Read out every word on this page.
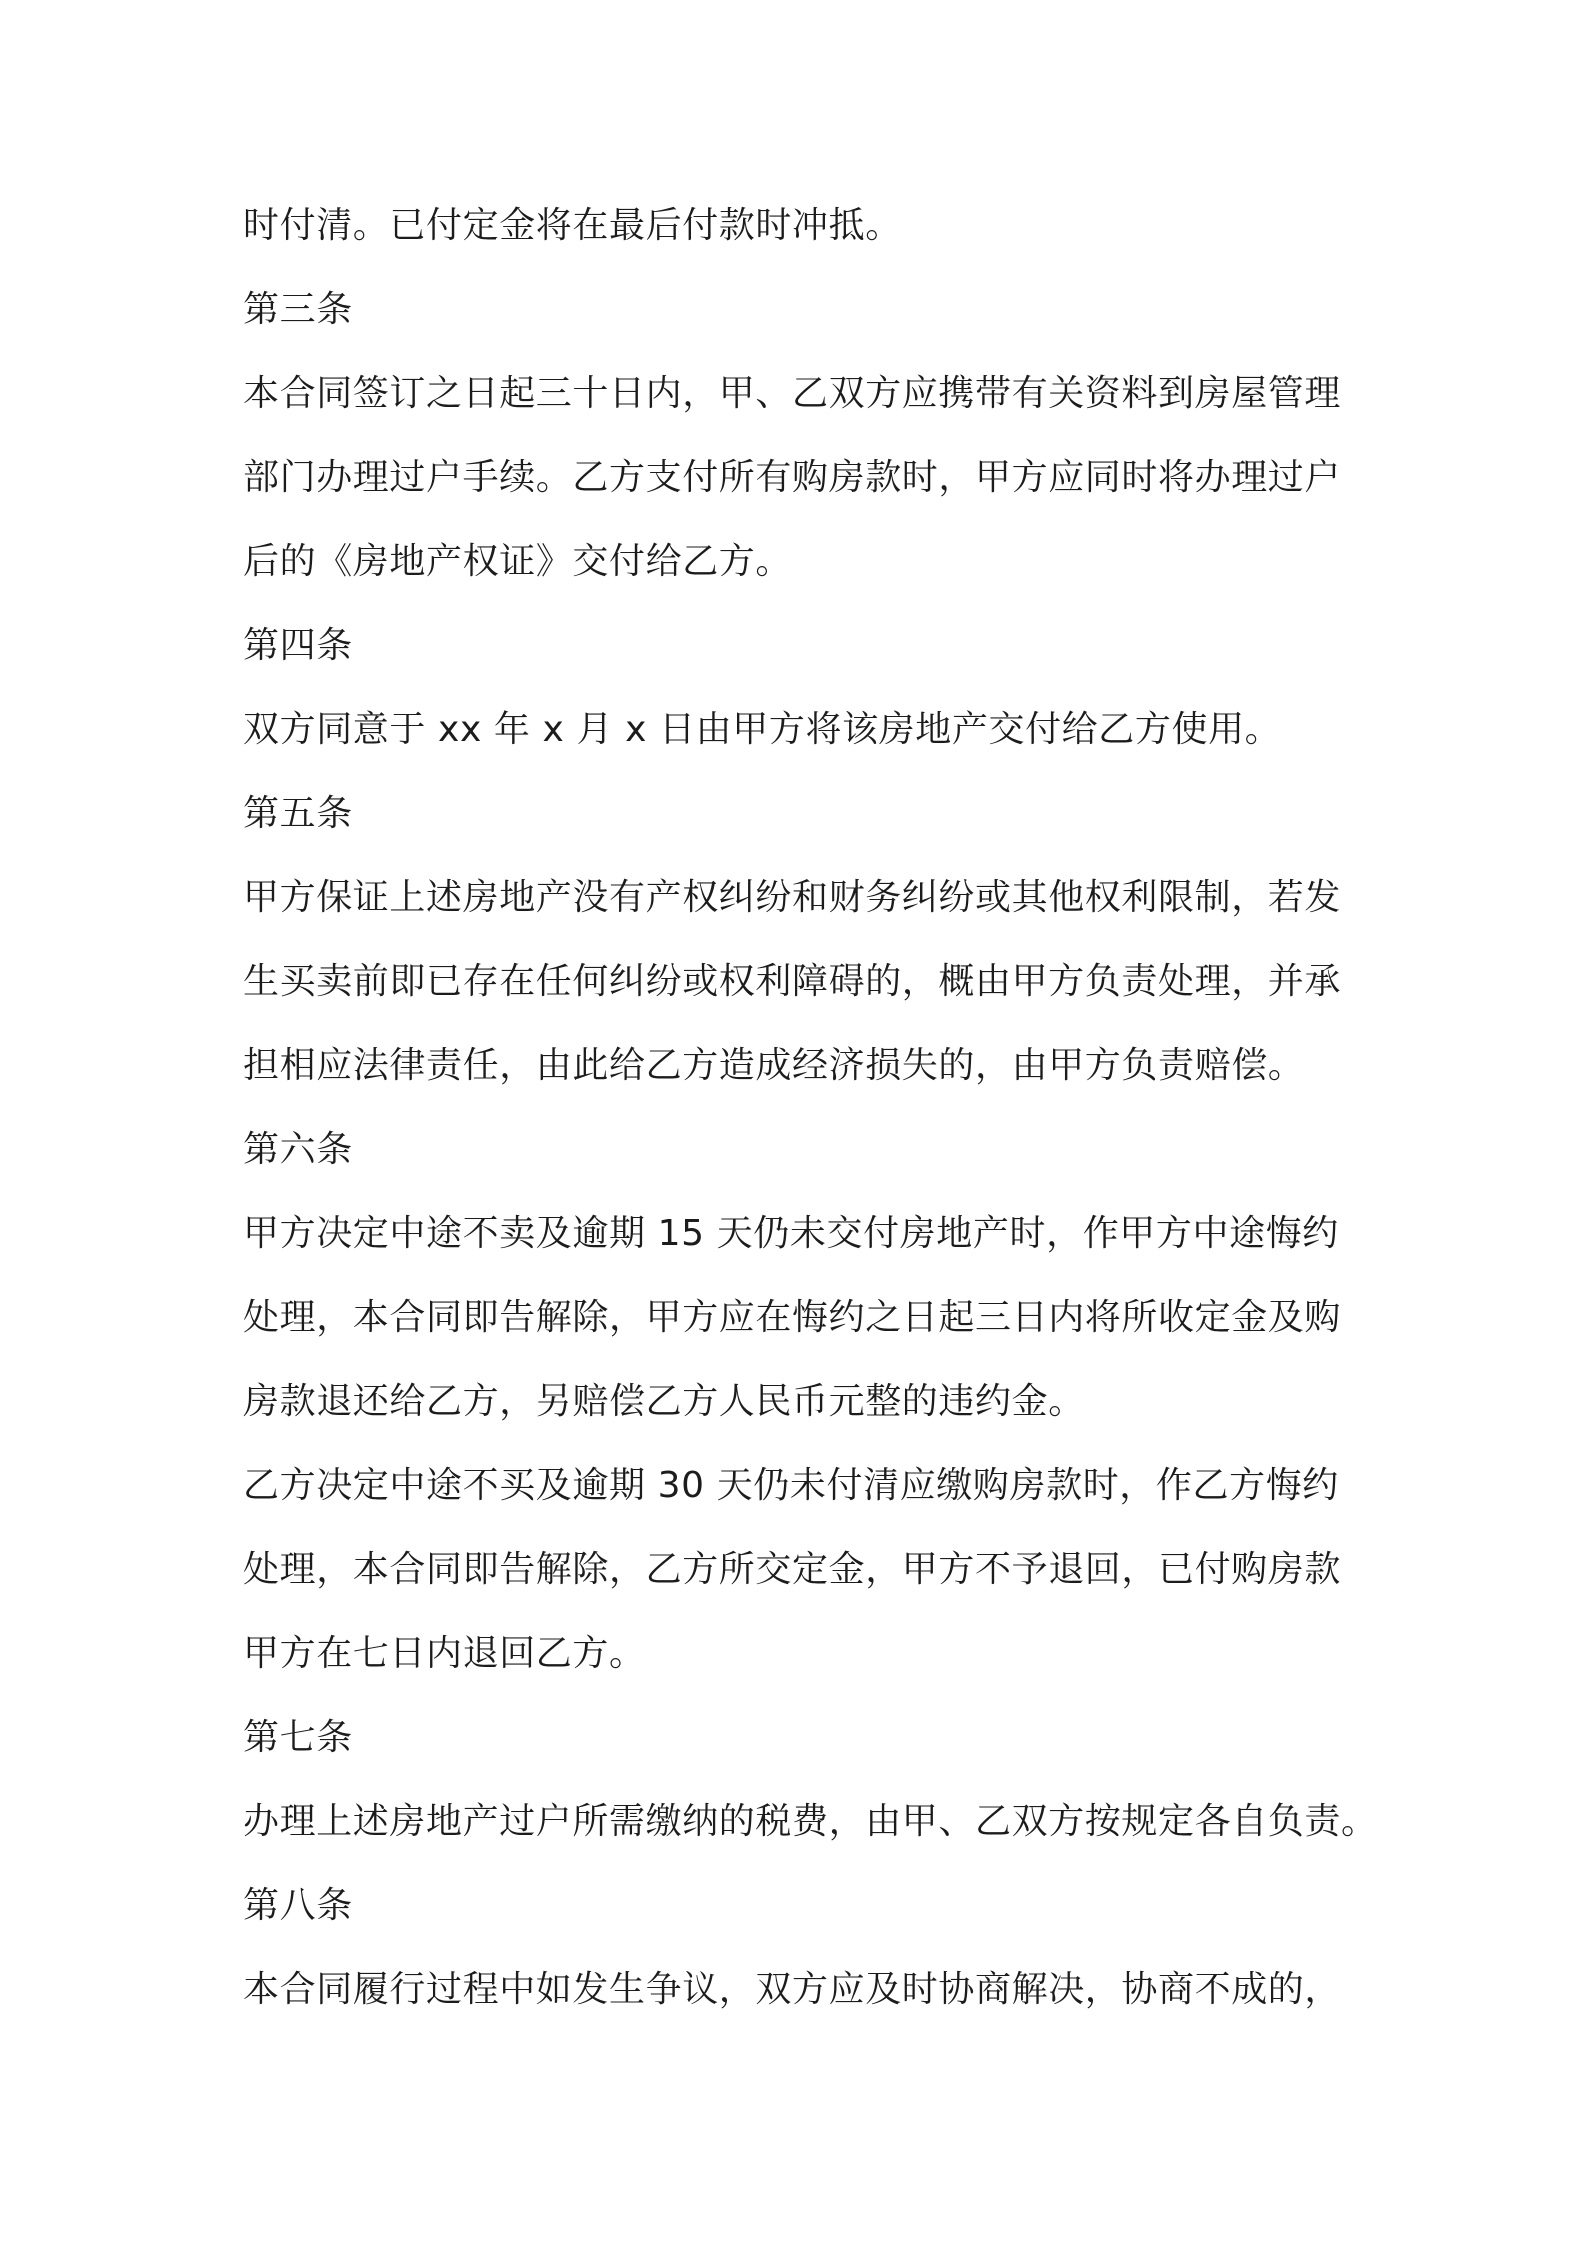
时付清。已付定金将在最后付款时冲抵。
第三条
本合同签订之日起三十日内，甲、乙双方应携带有关资料到房屋管理
部门办理过户手续。乙方支付所有购房款时，甲方应同时将办理过户
后的《房地产权证》交付给乙方。
第四条
双方同意于 xx 年 x 月 x 日由甲方将该房地产交付给乙方使用。
第五条
甲方保证上述房地产没有产权纠纷和财务纠纷或其他权利限制，若发
生买卖前即已存在任何纠纷或权利障碍的，概由甲方负责处理，并承
担相应法律责任，由此给乙方造成经济损失的，由甲方负责赔偿。
第六条
甲方决定中途不卖及逾期 15 天仍未交付房地产时，作甲方中途悔约
处理，本合同即告解除，甲方应在悔约之日起三日内将所收定金及购
房款退还给乙方，另赔偿乙方人民币元整的违约金。
乙方决定中途不买及逾期 30 天仍未付清应缴购房款时，作乙方悔约
处理，本合同即告解除，乙方所交定金，甲方不予退回，已付购房款
甲方在七日内退回乙方。
第七条
办理上述房地产过户所需缴纳的税费，由甲、乙双方按规定各自负责。
第八条
本合同履行过程中如发生争议，双方应及时协商解决，协商不成的，
